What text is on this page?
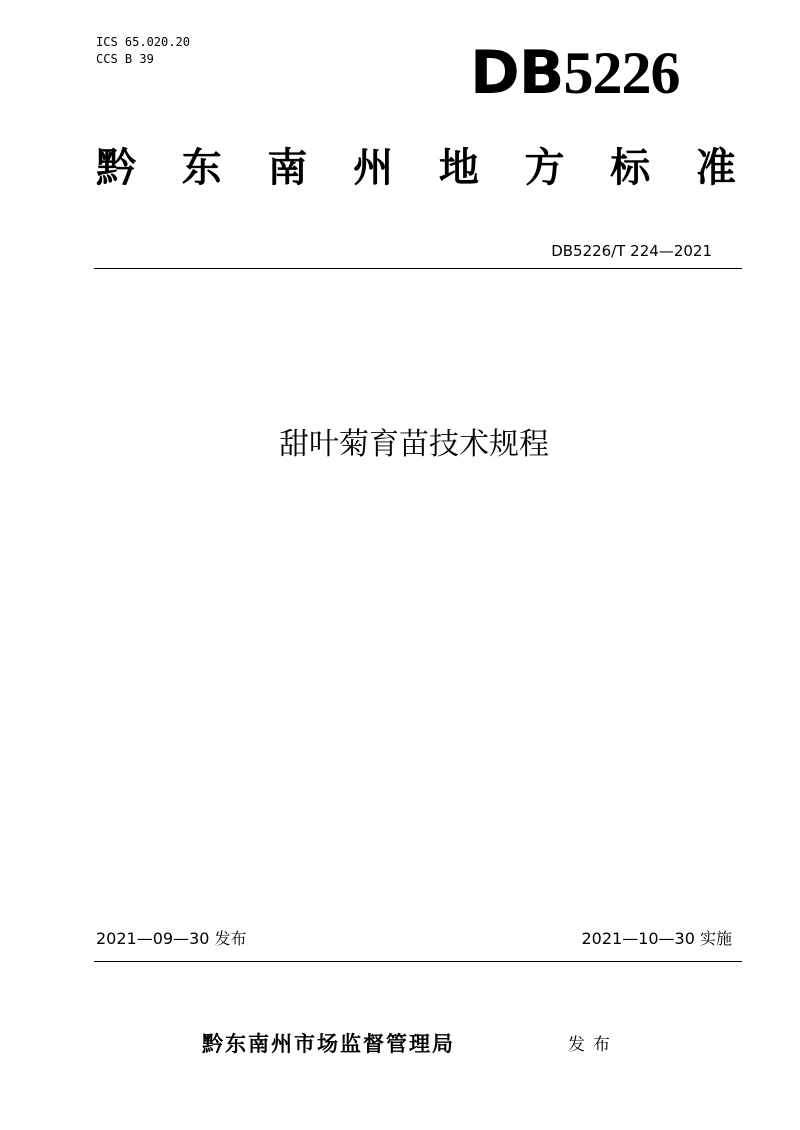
ICS 65.020.20
CCS B 39	DB5226
黔 东 南 州 地 方 标 准
DB5226/T 224—2021
甜叶菊育苗技术规程
2021—09—30 发布	2021—10—30 实施
黔东南州市场监督管理局	发布
